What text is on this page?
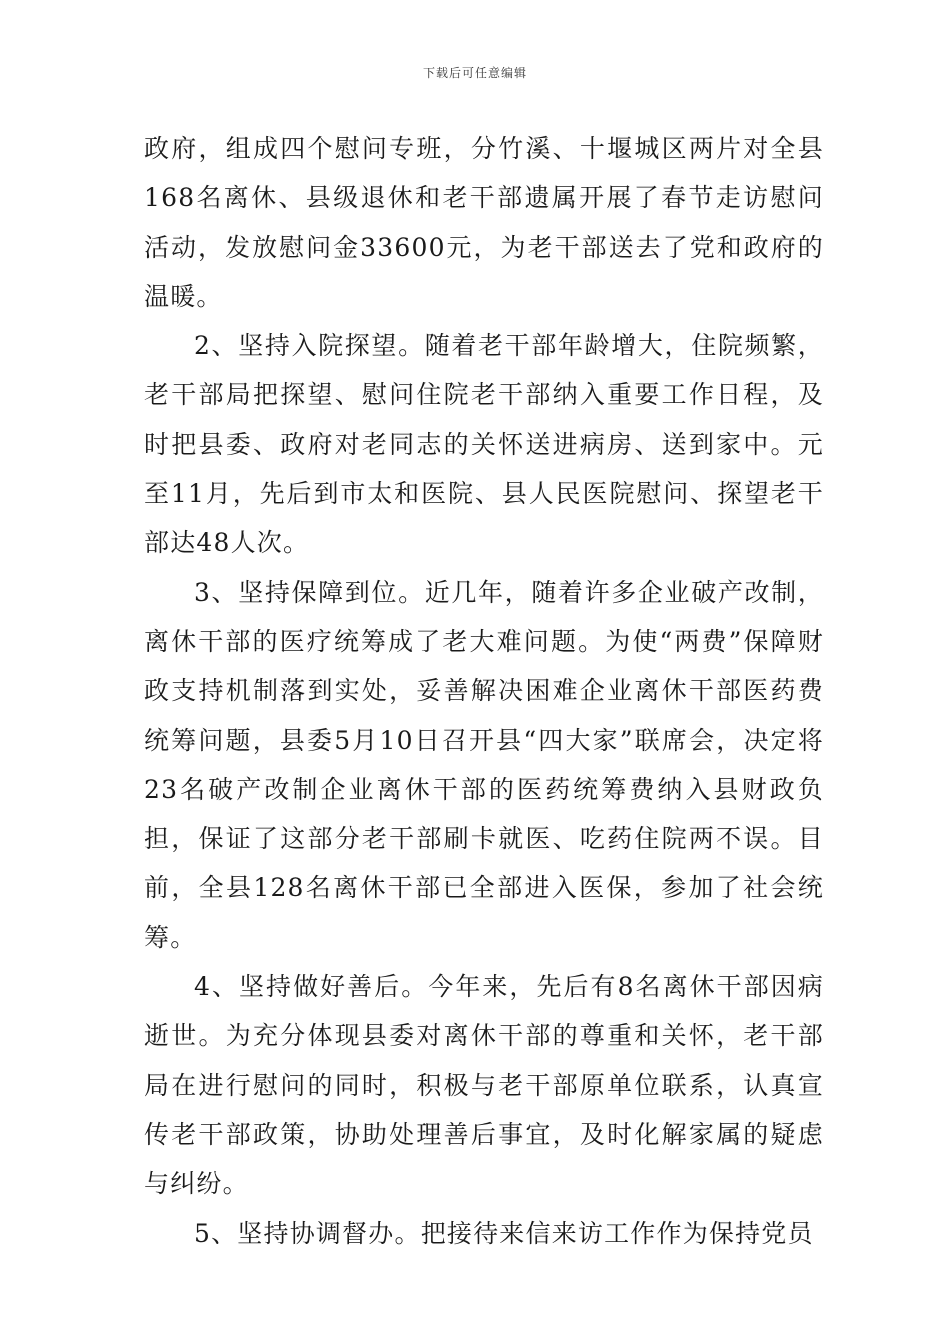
下载后可任意编辑

政府，组成四个慰问专班，分竹溪、十堰城区两片对全县168名离休、县级退休和老干部遗属开展了春节走访慰问活动，发放慰问金33600元，为老干部送去了党和政府的温暖。

2、坚持入院探望。随着老干部年龄增大，住院频繁，老干部局把探望、慰问住院老干部纳入重要工作日程，及时把县委、政府对老同志的关怀送进病房、送到家中。元至11月，先后到市太和医院、县人民医院慰问、探望老干部达48人次。

3、坚持保障到位。近几年，随着许多企业破产改制，离休干部的医疗统筹成了老大难问题。为使“两费”保障财政支持机制落到实处，妥善解决困难企业离休干部医药费统筹问题，县委5月10日召开县“四大家”联席会，决定将23名破产改制企业离休干部的医药统筹费纳入县财政负担，保证了这部分老干部刷卡就医、吃药住院两不误。目前，全县128名离休干部已全部进入医保，参加了社会统筹。

4、坚持做好善后。今年来，先后有8名离休干部因病逝世。为充分体现县委对离休干部的尊重和关怀，老干部局在进行慰问的同时，积极与老干部原单位联系，认真宣传老干部政策，协助处理善后事宜，及时化解家属的疑虑与纠纷。

5、坚持协调督办。把接待来信来访工作作为保持党员
